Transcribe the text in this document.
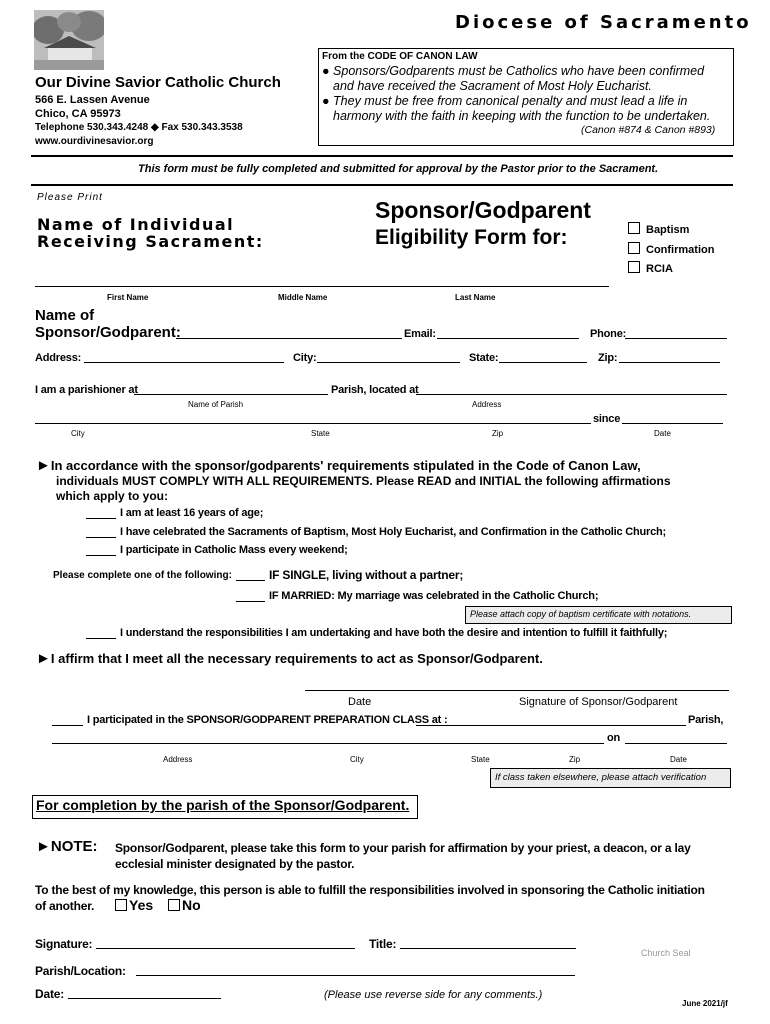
Diocese of Sacramento
Our Divine Savior Catholic Church
566 E. Lassen Avenue
Chico, CA 95973
Telephone 530.343.4248 ◆ Fax 530.343.3538
www.ourdivinesavior.org
From the CODE OF CANON LAW
● Sponsors/Godparents must be Catholics who have been confirmed
and have received the Sacrament of Most Holy Eucharist.
● They must be free from canonical penalty and must lead a life in
harmony with the faith in keeping with the function to be undertaken.
(Canon #874 & Canon #893)
This form must be fully completed and submitted for approval by the Pastor prior to the Sacrament.
Please Print
Name of Individual
Receiving Sacrament:
Sponsor/Godparent
Eligibility Form for:	Baptism
Confirmation
RCIA
First Name	Middle Name	Last Name
Name of
Sponsor/Godparent:	Email:	Phone:
Address:	City:	State:	Zip:
I am a parishioner at	Parish, located at
Name of Parish	Address
since
City	State	Zip	Date
►In accordance with the sponsor/godparents' requirements stipulated in the Code of Canon Law,
individuals MUST COMPLY WITH ALL REQUIREMENTS. Please READ and INITIAL the following affirmations
which apply to you:
I am at least 16 years of age;
I have celebrated the Sacraments of Baptism, Most Holy Eucharist, and Confirmation in the Catholic Church;
I participate in Catholic Mass every weekend;
Please complete one of the following:	IF SINGLE, living without a partner;
IF MARRIED: My marriage was celebrated in the Catholic Church;
Please attach copy of baptism certificate with notations.
I understand the responsibilities I am undertaking and have both the desire and intention to fulfill it faithfully;
►I affirm that I meet all the necessary requirements to act as Sponsor/Godparent.
Date	Signature of Sponsor/Godparent
I participated in the SPONSOR/GODPARENT PREPARATION CLASS at :	Parish,
on
Address	City	State	Zip	Date
If class taken elsewhere, please attach verification
For completion by the parish of the Sponsor/Godparent.
►NOTE: Sponsor/Godparent, please take this form to your parish for affirmation by your priest, a deacon, or a lay
ecclesial minister designated by the pastor.
To the best of my knowledge, this person is able to fulfill the responsibilities involved in sponsoring the Catholic initiation
of another.	Yes	No
Signature:	Title:
Church Seal
Parish/Location:
Date:	(Please use reverse side for any comments.)
June 2021/jf
